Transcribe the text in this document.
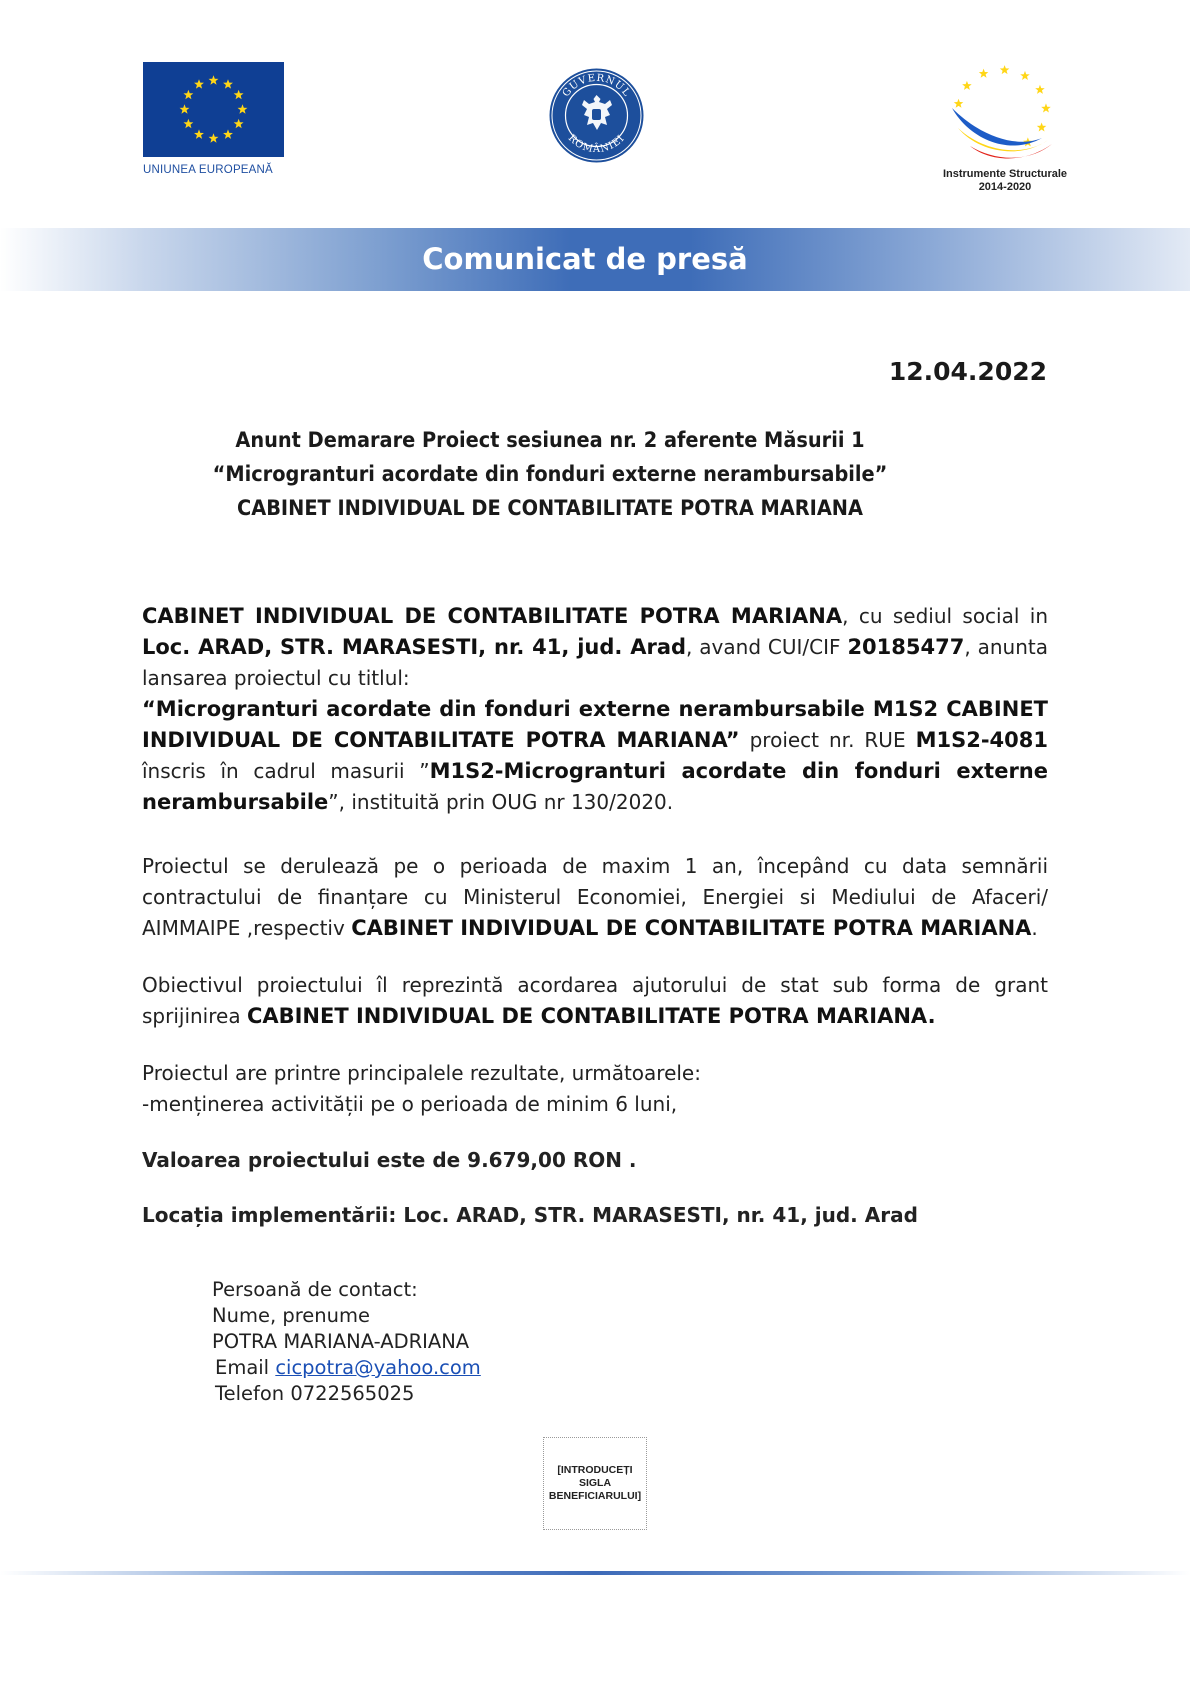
UNIUNEA EUROPEANĂ
GUVERNUL
ROMÂNIEI
Instrumente Structurale
2014-2020
Comunicat de presă
12.04.2022
Anunt Demarare Proiect sesiunea nr. 2 aferente Măsurii 1
“Microgranturi acordate din fonduri externe nerambursabile”
CABINET INDIVIDUAL DE CONTABILITATE POTRA MARIANA
CABINET INDIVIDUAL DE CONTABILITATE POTRA MARIANA, cu sediul social in
Loc. ARAD, STR. MARASESTI, nr. 41, jud. Arad, avand CUI/CIF 20185477, anunta
lansarea proiectul cu titlul:
“Microgranturi acordate din fonduri externe nerambursabile M1S2 CABINET
INDIVIDUAL DE CONTABILITATE POTRA MARIANA” proiect nr. RUE M1S2-4081
înscris în cadrul masurii ”M1S2-Microgranturi acordate din fonduri externe
nerambursabile”, instituită prin OUG nr 130/2020.
Proiectul se derulează pe o perioada de maxim 1 an, începând cu data semnării
contractului de finanțare cu Ministerul Economiei, Energiei si Mediului de Afaceri/
AIMMAIPE ,respectiv CABINET INDIVIDUAL DE CONTABILITATE POTRA MARIANA.
Obiectivul proiectului îl reprezintă acordarea ajutorului de stat sub forma de grant
sprijinirea CABINET INDIVIDUAL DE CONTABILITATE POTRA MARIANA.
Proiectul are printre principalele rezultate, următoarele:
-menținerea activității pe o perioada de minim 6 luni,
Valoarea proiectului este de 9.679,00 RON .
Locația implementării: Loc. ARAD, STR. MARASESTI, nr. 41, jud. Arad
Persoană de contact:
Nume, prenume
POTRA MARIANA-ADRIANA
Email cicpotra@yahoo.com
Telefon 0722565025
[INTRODUCEȚI
SIGLA
BENEFICIARULUI]
